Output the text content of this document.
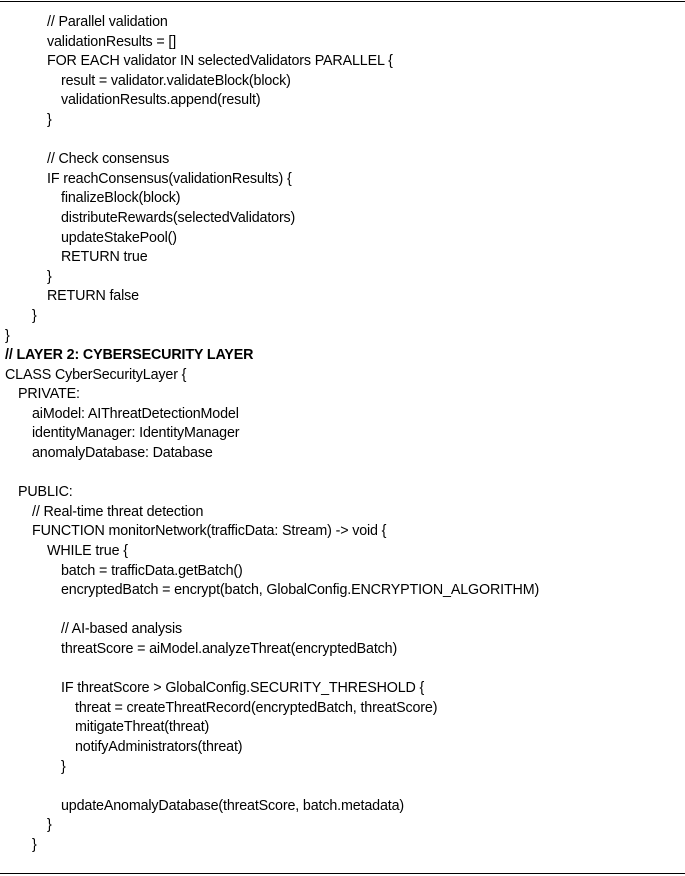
// Parallel validation
validationResults = []
FOR EACH validator IN selectedValidators PARALLEL {
result = validator.validateBlock(block)
validationResults.append(result)
}
// Check consensus
IF reachConsensus(validationResults) {
finalizeBlock(block)
distributeRewards(selectedValidators)
updateStakePool()
RETURN true
}
RETURN false
}
}
// LAYER 2: CYBERSECURITY LAYER
CLASS CyberSecurityLayer {
PRIVATE:
aiModel: AIThreatDetectionModel
identityManager: IdentityManager
anomalyDatabase: Database
PUBLIC:
// Real-time threat detection
FUNCTION monitorNetwork(trafficData: Stream) -> void {
WHILE true {
batch = trafficData.getBatch()
encryptedBatch = encrypt(batch, GlobalConfig.ENCRYPTION_ALGORITHM)
// AI-based analysis
threatScore = aiModel.analyzeThreat(encryptedBatch)
IF threatScore > GlobalConfig.SECURITY_THRESHOLD {
threat = createThreatRecord(encryptedBatch, threatScore)
mitigateThreat(threat)
notifyAdministrators(threat)
}
updateAnomalyDatabase(threatScore, batch.metadata)
}
}
